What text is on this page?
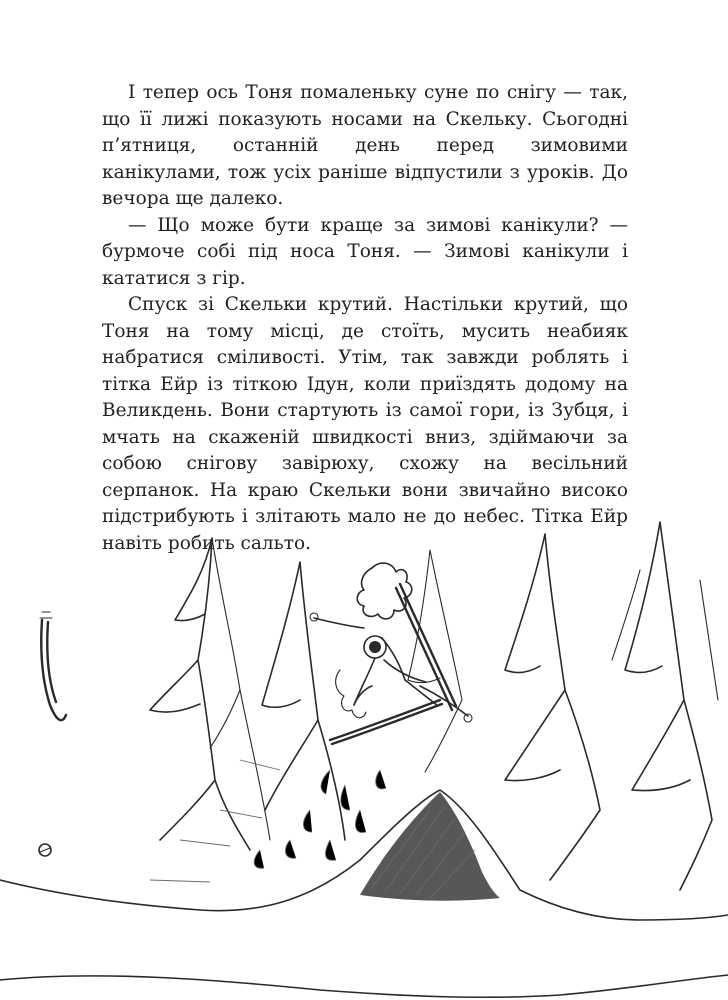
І тепер ось Тоня помаленьку суне по снігу — так, що її лижі показують носами на Скельку. Сьогодні п’ятниця, останній день перед зимовими канікулами, тож усіх раніше відпустили з уроків. До вечора ще далеко.

— Що може бути краще за зимові канікули? — бурмоче собі під носа Тоня. — Зимові канікули і кататися з гір.

Спуск зі Скельки крутий. Настільки крутий, що Тоня на тому місці, де стоїть, мусить неабияк набратися сміливості. Утім, так завжди роблять і тітка Ейр із тіткою Ідун, коли приїздять додому на Великдень. Вони стартують із самої гори, із Зубця, і мчать на скаженій швидкості вниз, здіймаючи за собою снігову завірюху, схожу на весільний серпанок. На краю Скельки вони звичайно високо підстрибують і злітають мало не до небес. Тітка Ейр навіть робить сальто.
